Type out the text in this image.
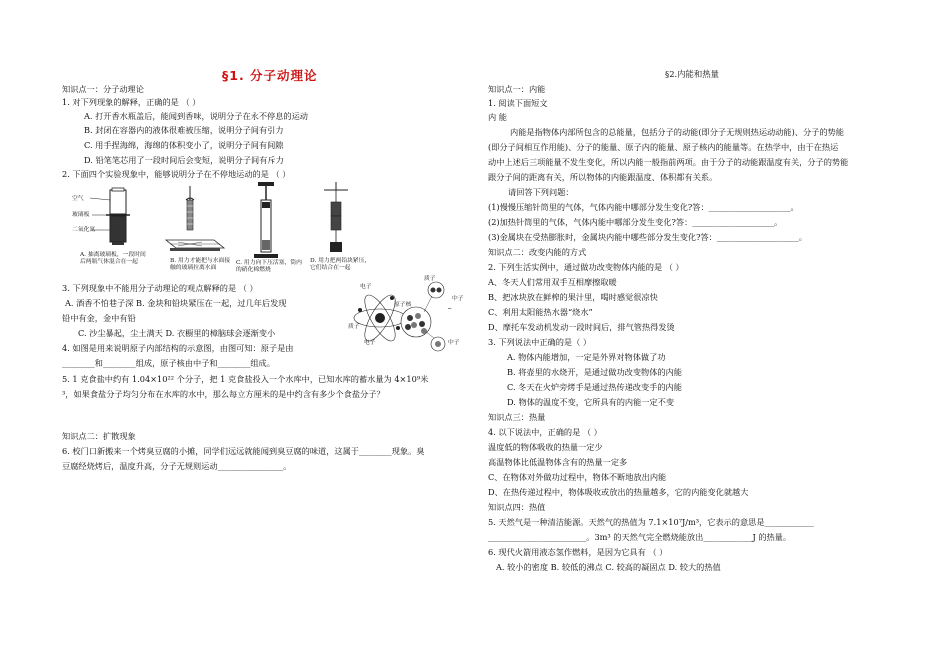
§1. 分子动理论
知识点一：分子动理论
1. 对下列现象的解释，正确的是 （ ）
A. 打开香水瓶盖后，能闻到香味，说明分子在永不停息的运动
B. 封闭在容器内的液体很难被压缩，说明分子间有引力
C. 用手捏海绵，海绵的体积变小了，说明分子间有间隙
D. 铅笔笔芯用了一段时间后会变短，说明分子间有斥力
2. 下面四个实验现象中，能够说明分子在不停地运动的是 （ ）
空气
玻璃板
二氧化氮
A. 抽离玻璃板，一段时间后两瓶气体混合在一起	B. 用力才能把与水面接触的玻璃拉离水面
C. 用力向下压活塞，筒内的硝化棉燃烧
D. 用力把两铅块紧压，它们结合在一起
─
电子
原子核
质子
中子
质子
电子	中子
3. 下列现象中不能用分子动理论的观点解释的是 （ ）
A. 酒香不怕巷子深 B. 金块和铅块紧压在一起，过几年后发现
铅中有金，金中有铅
C. 沙尘暴起，尘土满天 D. 衣橱里的樟脑球会逐渐变小
4. 如图是用来说明原子内部结构的示意图，由图可知：原子是由
________和________组成，原子核由中子和________组成。
5. 1 克食盐中约有 1.04×10²² 个分子，把 1 克食盐投入一个水库中，已知水库的蓄水量为 4×10⁹米
³，如果食盐分子均匀分布在水库的水中，那么每立方厘米的是中约含有多少个食盐分子？
知识点二：扩散现象
6. 校门口新搬来一个烤臭豆腐的小摊，同学们远远就能闻到臭豆腐的味道，这属于________现象。臭
豆腐经烧烤后，温度升高，分子无规则运动________________。
§2.内能和热量
知识点一：内能
1. 阅读下面短文
内 能
内能是指物体内部所包含的总能量，包括分子的动能(即分子无规则热运动动能)、分子的势能
(即分子间相互作用能)、分子的能量、原子内的能量、原子核内的能量等。在热学中，由于在热运
动中上述后三项能量不发生变化，所以内能一般指前两项。由于分子的动能跟温度有关，分子的势能
跟分子间的距离有关，所以物体的内能跟温度、体积都有关系。
请回答下列问题：
(1)慢慢压缩针筒里的气体，气体内能中哪部分发生变化?答：____________________。
(2)加热针筒里的气体，气体内能中哪部分发生变化?答：____________________。
(3)金属块在受热膨胀时，金属块内能中哪些部分发生变化?答：____________________。
知识点二：改变内能的方式
2. 下列生活实例中，通过做功改变物体内能的是 （ ）
A、冬天人们常用双手互相摩擦取暖
B、把冰块放在鲜榨的果汁里，喝时感觉很凉快
C、利用太阳能热水器“烧水”
D、摩托车发动机发动一段时间后，排气管热得发烫
3. 下列说法中正确的是（ ）
A. 物体内能增加，一定是外界对物体做了功
B. 将壶里的水烧开，是通过做功改变物体的内能
C. 冬天在火炉旁烤手是通过热传递改变手的内能
D. 物体的温度不变，它所具有的内能一定不变
知识点三：热量
4. 以下说法中，正确的是 （ ）
温度低的物体吸收的热量一定少
高温物体比低温物体含有的热量一定多
C、在物体对外做功过程中，物体不断地放出内能
D、在热传递过程中，物体吸收或放出的热量越多，它的内能变化就越大
知识点四：热值
5. 天然气是一种清洁能源。天然气的热值为 7.1×10⁷J/m³，它表示的意思是____________
________________________。3m³ 的天然气完全燃烧能放出____________J 的热量。
6. 现代火箭用液态氢作燃料，是因为它具有 （ ）
A. 较小的密度 B. 较低的沸点 C. 较高的凝固点 D. 较大的热值
